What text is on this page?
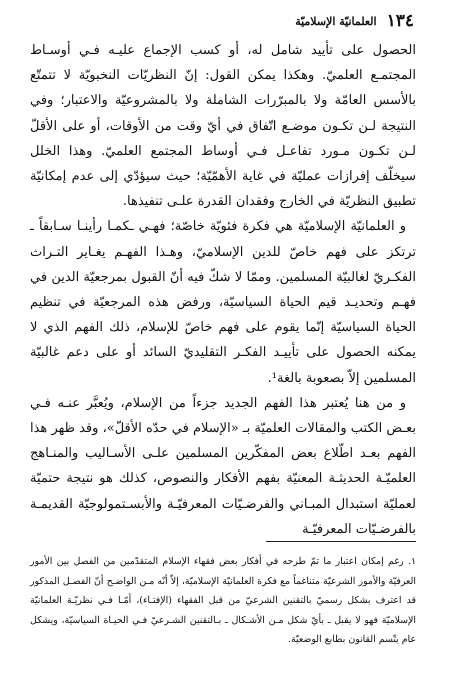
١٣٤
العلمانيّة الإسلاميّة

الحصول على تأييد شامل له، أو كسب الإجماع عليـه فـي أوسـاط المجتمـع العلميّ. وهكذا يمكن القول: إنّ النظريّات النخبويّة لا تتمتّع بالأسس العامّة ولا بالمبرّرات الشاملة ولا بالمشروعيّة والاعتبار؛ وفي النتيجة لـن تكـون موضـع اتّفاق في أيّ وقت من الأوقات، أو على الأقلّ لـن تكـون مـورد تفاعـل فـي أوساط المجتمع العلميّ. وهذا الخلل سيخلّف إفرازات عمليّة في غاية الأهمّيّة؛ حيث سيؤدّي إلى عدم إمكانيّة تطبيق النظريّة في الخارج وفقدان القدرة علـى تنفيذها.

و العلمانيّة الإسلاميّة هي فكرة فئويّة خاصّة؛ فهـي ـكمـا رأينـا سـابقاً ـ ترتكز على فهم خاصّ للدين الإسلاميّ، وهـذا الفهـم يغـاير التـراث الفكـريّ لغالبيّة المسلمين. وممّا لا شكّ فيه أنّ القبول بمرجعيّة الدين في فهـم وتحديـد قيم الحياة السياسيّة، ورفض هذه المرجعيّة في تنظيم الحياة السياسيّة إنّما يقوم على فهم خاصّ للإسلام، ذلك الفهم الذي لا يمكنه الحصول على تأييـد الفكـر التقليديّ السائد أو على دعم غالبيّة المسلمين إلاّ بصعوبة بالغة¹.

و من هنا يُعتبر هذا الفهم الجديد جزءاً من الإسلام، ويُعبَّر عنـه فـي بعـض الكتب والمقالات العلميّة بـ «الإسلام في حدّه الأقلّ»، وقد ظهر هذا الفهم بعـد اطّلاع بعض المفكّرين المسلمين علـى الأسـاليب والمنـاهج العلميّـة الحديثـة المعنيّة بفهم الأفكار والنصوص، كذلك هو نتيجة حتميّة لعمليّة استبدال المبـاني والفرضـيّات المعرفيّـة والأبسـتمولوجيّة القديمـة بالفرضـيّات المعرفيّـة

١. رغم إمكان اعتبار ما تمّ طرحه في أفكار بعض فقهاء الإسلام المتقدّمين من الفصل بين الأمور العرفيّة والأمور الشرعيّة متناغماً مع فكرة العلمانيّة الإسلاميّة، إلاّ أنّه مـن الواضـح أنّ الفصـل المذكور قد اعترف بشكل رسميّ بالتقنين الشرعيّ من قبل الفقهاء (الإفتـاء)، أمّـا فـي نظريّـة العلمانيّة الإسلاميّة فهو لا يقبل ـ بأيّ شكل مـن الأشـكال ـ بـالتقنين الشـرعيّ فـي الحيـاة السياسيّة، ويشكل عام يتّسم القانون بطابع الوضعيّة.
